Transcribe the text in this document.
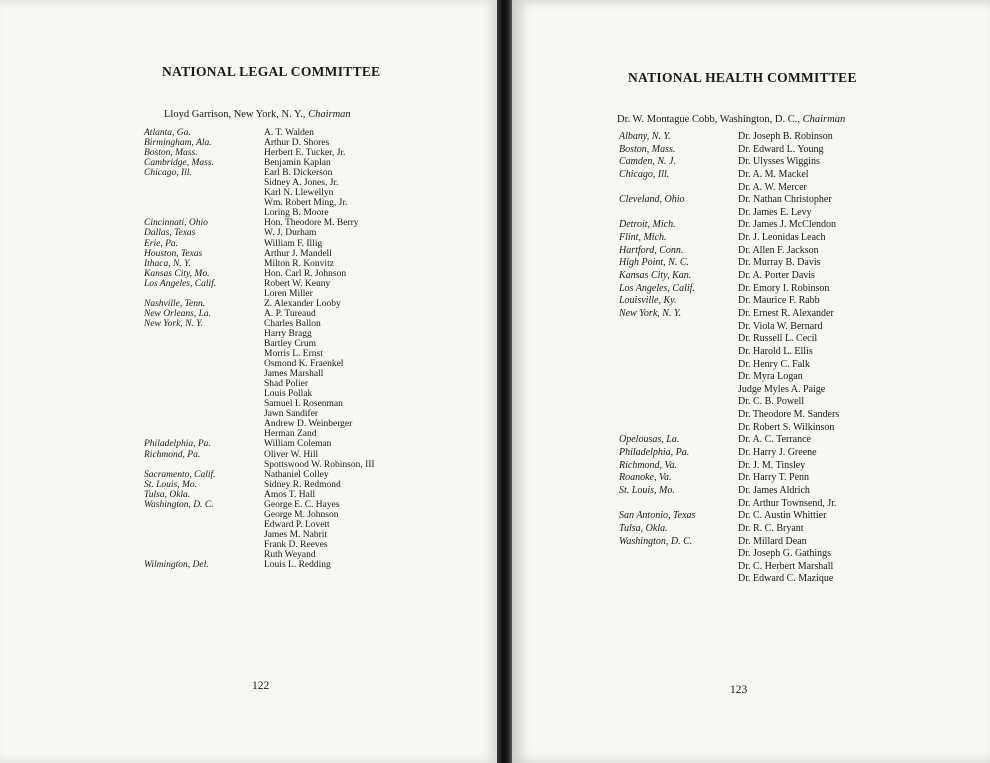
NATIONAL LEGAL COMMITTEE
Lloyd Garrison, New York, N. Y., Chairman
Atlanta, Ga.
Birmingham, Ala.
Boston, Mass.
Cambridge, Mass.
Chicago, Ill.
Cincinnati, Ohio
Dallas, Texas
Erie, Pa.
Houston, Texas
Ithaca, N. Y.
Kansas City, Mo.
Los Angeles, Calif.
Nashville, Tenn.
New Orleans, La.
New York, N. Y.
Philadelphia, Pa.
Richmond, Pa.
Sacramento, Calif.
St. Louis, Mo.
Tulsa, Okla.
Washington, D. C.
Wilmington, Del.
A. T. Walden
Arthur D. Shores
Herbert E. Tucker, Jr.
Benjamin Kaplan
Earl B. Dickerson
Sidney A. Jones, Jr.
Karl N. Llewellyn
Wm. Robert Ming, Jr.
Loring B. Moore
Hon. Theodore M. Berry
W. J. Durham
William F. Illig
Arthur J. Mandell
Milton R. Konvitz
Hon. Carl R. Johnson
Robert W. Kenny
Loren Miller
Z. Alexander Looby
A. P. Tureaud
Charles Ballon
Harry Bragg
Bartley Crum
Morris L. Ernst
Osmond K. Fraenkel
James Marshall
Shad Polier
Louis Pollak
Samuel I. Rosenman
Jawn Sandifer
Andrew D. Weinberger
Herman Zand
William Coleman
Oliver W. Hill
Spottswood W. Robinson, III
Nathaniel Colley
Sidney R. Redmond
Amos T. Hall
George E. C. Hayes
George M. Johnson
Edward P. Lovett
James M. Nabrit
Frank D. Reeves
Ruth Weyand
Louis L. Redding
122
NATIONAL HEALTH COMMITTEE
Dr. W. Montague Cobb, Washington, D. C., Chairman
Albany, N. Y.
Boston, Mass.
Camden, N. J.
Chicago, Ill.
Cleveland, Ohio
Detroit, Mich.
Flint, Mich.
Hartford, Conn.
High Point, N. C.
Kansas City, Kan.
Los Angeles, Calif.
Louisville, Ky.
New York, N. Y.
Opelousas, La.
Philadelphia, Pa.
Richmond, Va.
Roanoke, Va.
St. Louis, Mo.
San Antonio, Texas
Tulsa, Okla.
Washington, D. C.
Dr. Joseph B. Robinson
Dr. Edward L. Young
Dr. Ulysses Wiggins
Dr. A. M. Mackel
Dr. A. W. Mercer
Dr. Nathan Christopher
Dr. James E. Levy
Dr. James J. McClendon
Dr. J. Leonidas Leach
Dr. Allen F. Jackson
Dr. Murray B. Davis
Dr. A. Porter Davis
Dr. Emory I. Robinson
Dr. Maurice F. Rabb
Dr. Ernest R. Alexander
Dr. Viola W. Bernard
Dr. Russell L. Cecil
Dr. Harold L. Ellis
Dr. Henry C. Falk
Dr. Myra Logan
Judge Myles A. Paige
Dr. C. B. Powell
Dr. Theodore M. Sanders
Dr. Robert S. Wilkinson
Dr. A. C. Terrance
Dr. Harry J. Greene
Dr. J. M. Tinsley
Dr. Harry T. Penn
Dr. James Aldrich
Dr. Arthur Townsend, Jr.
Dr. C. Austin Whittier
Dr. R. C. Bryant
Dr. Millard Dean
Dr. Joseph G. Gathings
Dr. C. Herbert Marshall
Dr. Edward C. Mazique
123
